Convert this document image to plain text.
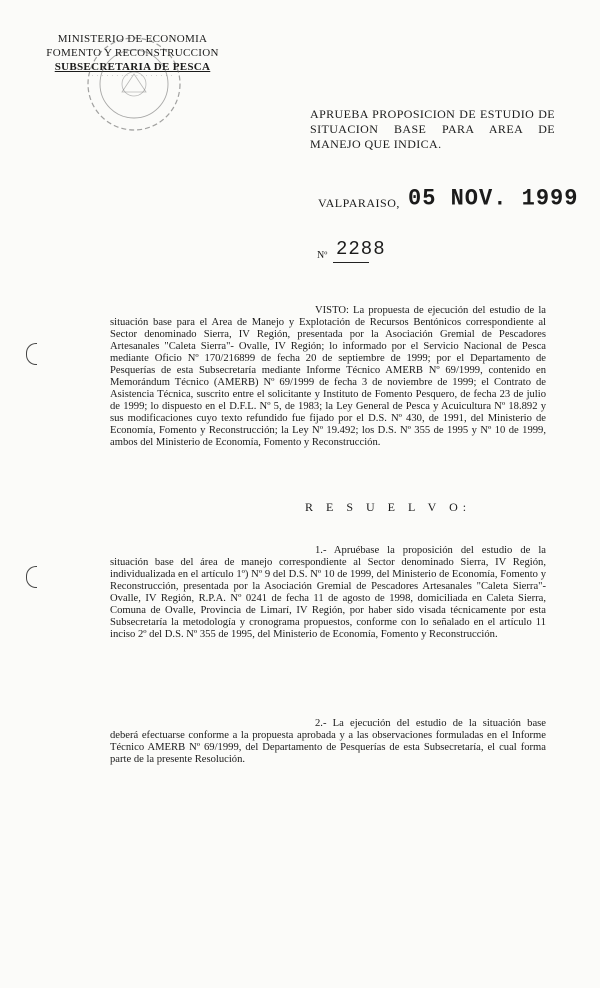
MINISTERIO DE ECONOMIA
FOMENTO Y RECONSTRUCCION
SUBSECRETARIA DE PESCA
· · · · · · · · · · · · · · · · ·
APRUEBA PROPOSICION DE ESTUDIO DE SITUACION BASE PARA AREA DE MANEJO QUE INDICA.
VALPARAISO, 05 NOV. 1999
Nº 2288
VISTO: La propuesta de ejecución del estudio de la situación base para el Area de Manejo y Explotación de Recursos Bentónicos correspondiente al Sector denominado Sierra, IV Región, presentada por la Asociación Gremial de Pescadores Artesanales "Caleta Sierra"- Ovalle, IV Región; lo informado por el Servicio Nacional de Pesca mediante Oficio Nº 170/216899 de fecha 20 de septiembre de 1999; por el Departamento de Pesquerías de esta Subsecretaría mediante Informe Técnico AMERB Nº 69/1999, contenido en Memorándum Técnico (AMERB) Nº 69/1999 de fecha 3 de noviembre de 1999; el Contrato de Asistencia Técnica, suscrito entre el solicitante y Instituto de Fomento Pesquero, de fecha 23 de julio de 1999; lo dispuesto en el D.F.L. Nº 5, de 1983; la Ley General de Pesca y Acuicultura Nº 18.892 y sus modificaciones cuyo texto refundido fue fijado por el D.S. Nº 430, de 1991, del Ministerio de Economía, Fomento y Reconstrucción; la Ley Nº 19.492; los D.S. Nº 355 de 1995 y Nº 10 de 1999, ambos del Ministerio de Economía, Fomento y Reconstrucción.
R E S U E L V O:
1.- Apruébase la proposición del estudio de la situación base del área de manejo correspondiente al Sector denominado Sierra, IV Región, individualizada en el artículo 1º) Nº 9 del D.S. Nº 10 de 1999, del Ministerio de Economía, Fomento y Reconstrucción, presentada por la Asociación Gremial de Pescadores Artesanales "Caleta Sierra"- Ovalle, IV Región, R.P.A. Nº 0241 de fecha 11 de agosto de 1998, domiciliada en Caleta Sierra, Comuna de Ovalle, Provincia de Limarí, IV Región, por haber sido visada técnicamente por esta Subsecretaría la metodología y cronograma propuestos, conforme con lo señalado en el artículo 11 inciso 2º del D.S. Nº 355 de 1995, del Ministerio de Economía, Fomento y Reconstrucción.
2.- La ejecución del estudio de la situación base deberá efectuarse conforme a la propuesta aprobada y a las observaciones formuladas en el Informe Técnico AMERB Nº 69/1999, del Departamento de Pesquerías de esta Subsecretaría, el cual forma parte de la presente Resolución.
